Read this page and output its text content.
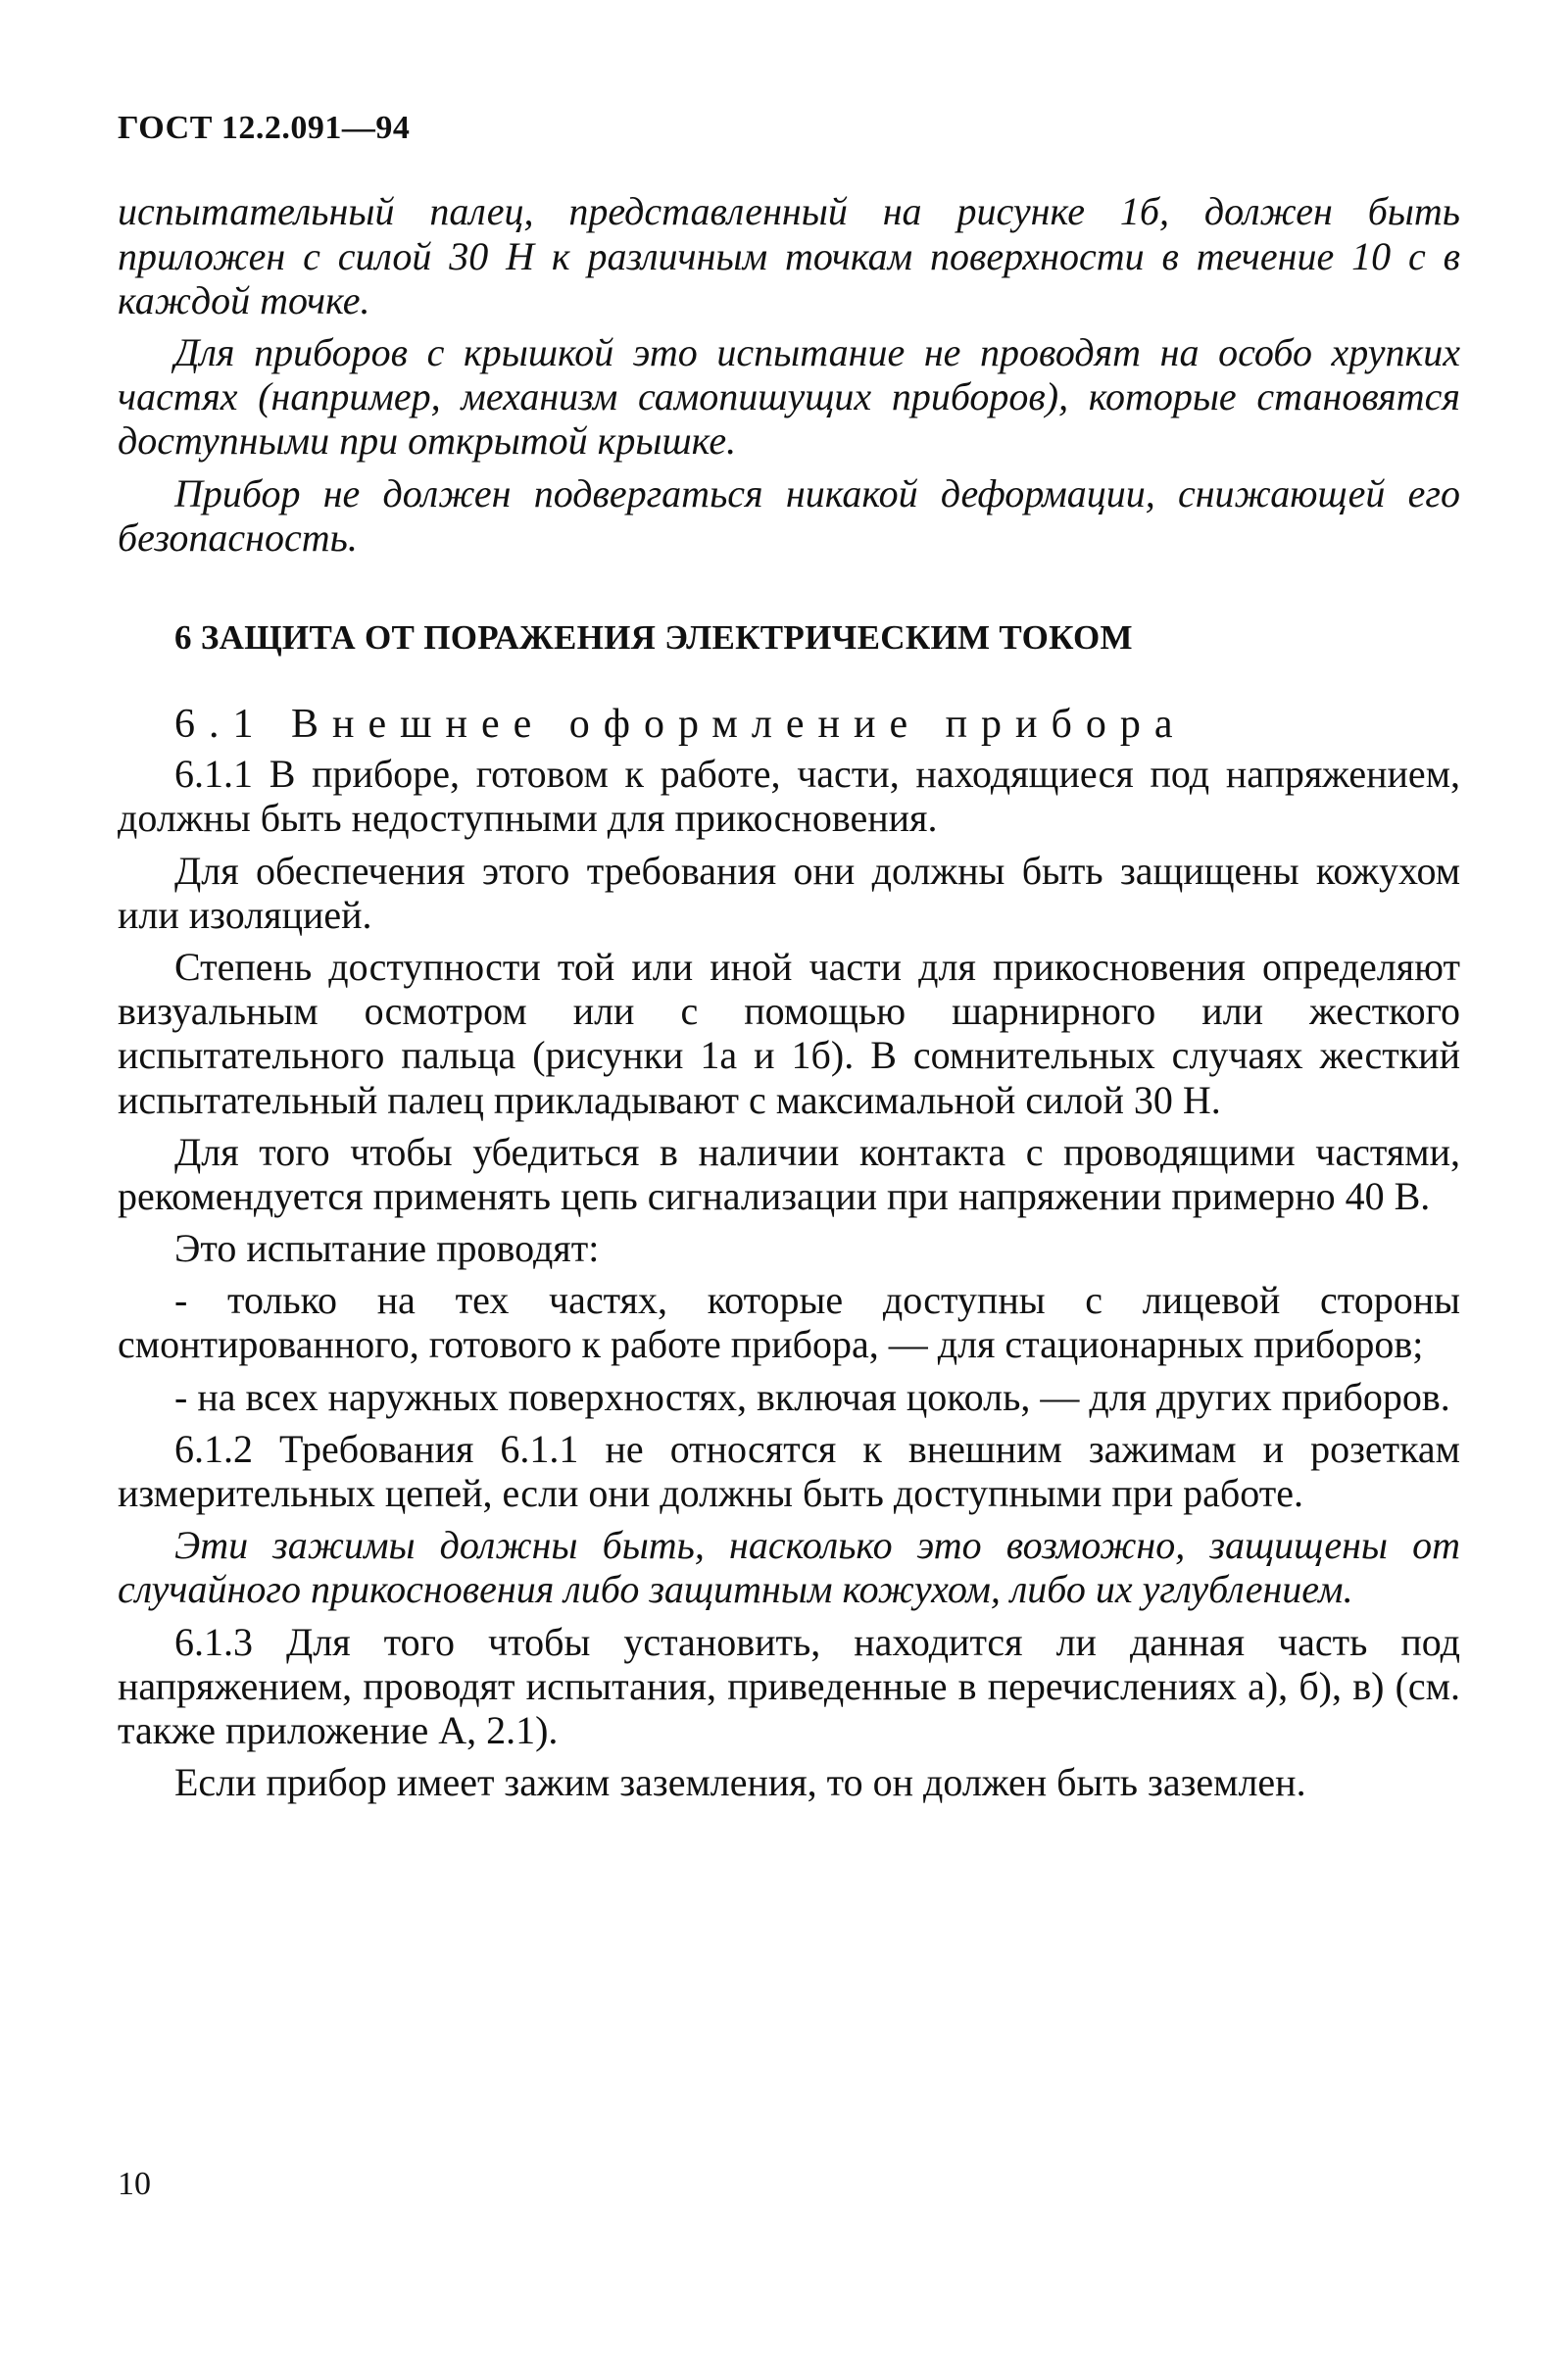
ГОСТ 12.2.091—94

испытательный палец, представленный на рисунке 1б, должен быть приложен с силой 30 Н к различным точкам поверхности в течение 10 с в каждой точке.

Для приборов с крышкой это испытание не проводят на особо хрупких частях (например, механизм самопишущих приборов), которые становятся доступными при открытой крышке.

Прибор не должен подвергаться никакой деформации, снижающей его безопасность.

6 ЗАЩИТА ОТ ПОРАЖЕНИЯ ЭЛЕКТРИЧЕСКИМ ТОКОМ
6.1 Внешнее оформление прибора

6.1.1 В приборе, готовом к работе, части, находящиеся под напряжением, должны быть недоступными для прикосновения.

Для обеспечения этого требования они должны быть защищены кожухом или изоляцией.

Степень доступности той или иной части для прикосновения определяют визуальным осмотром или с помощью шарнирного или жесткого испытательного пальца (рисунки 1а и 1б). В сомнительных случаях жесткий испытательный палец прикладывают с максимальной силой 30 Н.

Для того чтобы убедиться в наличии контакта с проводящими частями, рекомендуется применять цепь сигнализации при напряжении примерно 40 В.

Это испытание проводят:

- только на тех частях, которые доступны с лицевой стороны смонтированного, готового к работе прибора, — для стационарных приборов;

- на всех наружных поверхностях, включая цоколь, — для других приборов.

6.1.2 Требования 6.1.1 не относятся к внешним зажимам и розеткам измерительных цепей, если они должны быть доступными при работе.

Эти зажимы должны быть, насколько это возможно, защищены от случайного прикосновения либо защитным кожухом, либо их углублением.

6.1.3 Для того чтобы установить, находится ли данная часть под напряжением, проводят испытания, приведенные в перечислениях а), б), в) (см. также приложение А, 2.1).

Если прибор имеет зажим заземления, то он должен быть заземлен.

10
